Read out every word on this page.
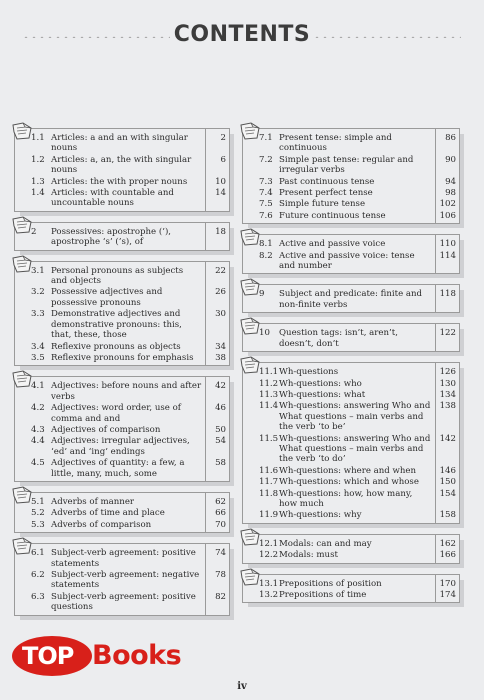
CONTENTS
1.1 Articles: a and an with singular nouns
2
1.2 Articles: a, an, the with singular nouns
6
1.3 Articles: the with proper nouns	10
1.4 Articles: with countable and uncountable nouns
14
2	Possessives: apostrophe (’), apostrophe ‘s’ (’s), of
18
3.1 Personal pronouns as subjects and objects
22
3.2 Possessive adjectives and possessive pronouns
26
3.3 Demonstrative adjectives and demonstrative pronouns: this, that, these, those
30
3.4 Reflexive pronouns as objects	34
3.5 Reflexive pronouns for emphasis	38
4.1 Adjectives: before nouns and after verbs
42
4.2 Adjectives: word order, use of comma and and
46
4.3 Adjectives of comparison	50
4.4 Adjectives: irregular adjectives, ‘ed’ and ‘ing’ endings
54
4.5 Adjectives of quantity: a few, a little, many, much, some
58
5.1 Adverbs of manner	62
5.2 Adverbs of time and place	66
5.3 Adverbs of comparison	70
6.1 Subject-verb agreement: positive statements
74
6.2 Subject-verb agreement: negative statements
78
6.3 Subject-verb agreement: positive questions
82
7.1 Present tense: simple and continuous
86
7.2 Simple past tense: regular and irregular verbs
90
7.3 Past continuous tense	94
7.4 Present perfect tense	98
7.5 Simple future tense	102
7.6 Future continuous tense	106
8.1 Active and passive voice	110
8.2 Active and passive voice: tense and number
114
9	Subject and predicate: finite and non-finite verbs
118
10	Question tags: isn’t, aren’t, doesn’t, don’t
122
11.1 Wh-questions	126
11.2 Wh-questions: who	130
11.3 Wh-questions: what	134
11.4 Wh-questions: answering Who and What questions – main verbs and the verb ‘to be’
138
11.5 Wh-questions: answering Who and What questions – main verbs and the verb ‘to do’
142
11.6 Wh-questions: where and when	146
11.7 Wh-questions: which and whose	150
11.8 Wh-questions: how, how many, how much
154
11.9 Wh-questions: why	158
12.1 Modals: can and may	162
12.2 Modals: must	166
13.1 Prepositions of position	170
13.2 Prepositions of time	174
TOP Books
iv
